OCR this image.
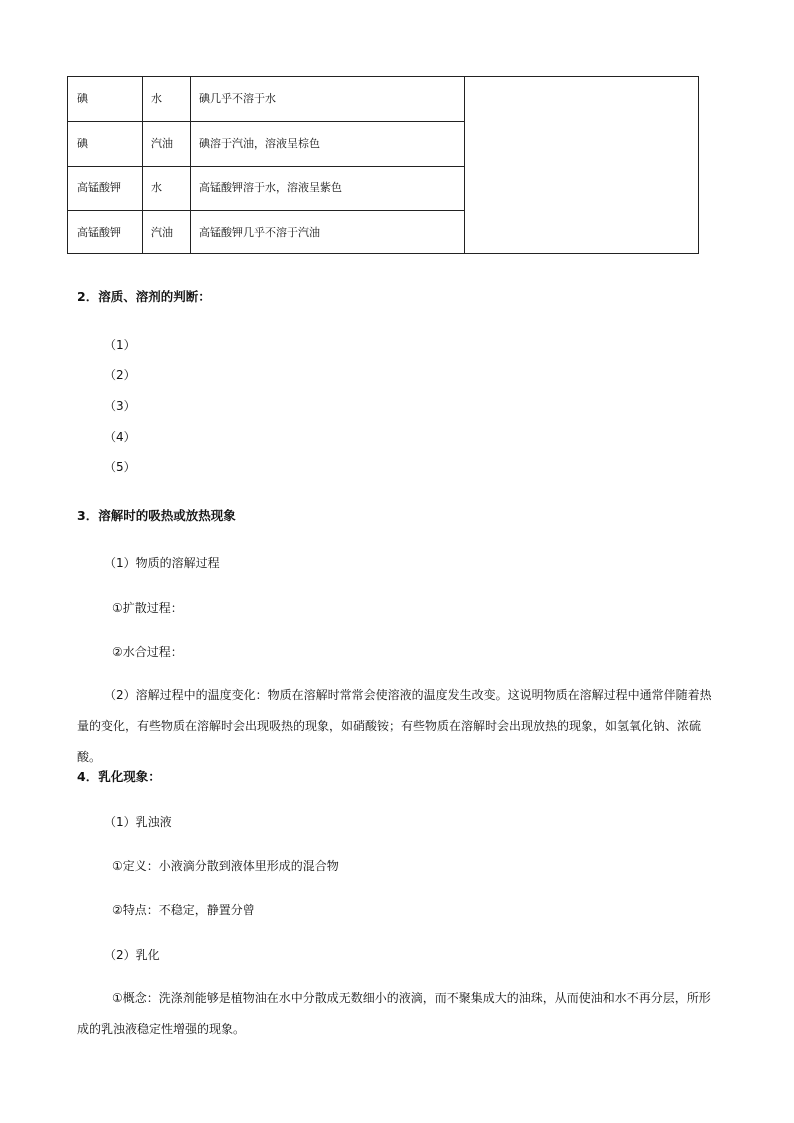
碘	水	碘几乎不溶于水
碘	汽油 碘溶于汽油，溶液呈棕色
高锰酸钾	水	高锰酸钾溶于水，溶液呈紫色
高锰酸钾	汽油 高锰酸钾几乎不溶于汽油
2．溶质、溶剂的判断：
（1）
（2）
（3）
（4）
（5）
3．溶解时的吸热或放热现象
（1）物质的溶解过程
①扩散过程：
②水合过程：
（2）溶解过程中的温度变化：物质在溶解时常常会使溶液的温度发生改变。这说明物质在溶解过程中通常伴随着热量的变化，有些物质在溶解时会出现吸热的现象，如硝酸铵；有些物质在溶解时会出现放热的现象，如氢氧化钠、浓硫酸。
4．乳化现象：
（1）乳浊液
①定义：小液滴分散到液体里形成的混合物
②特点：不稳定，静置分曾
（2）乳化
①概念：洗涤剂能够是植物油在水中分散成无数细小的液滴，而不聚集成大的油珠，从而使油和水不再分层，所形成的乳浊液稳定性增强的现象。
